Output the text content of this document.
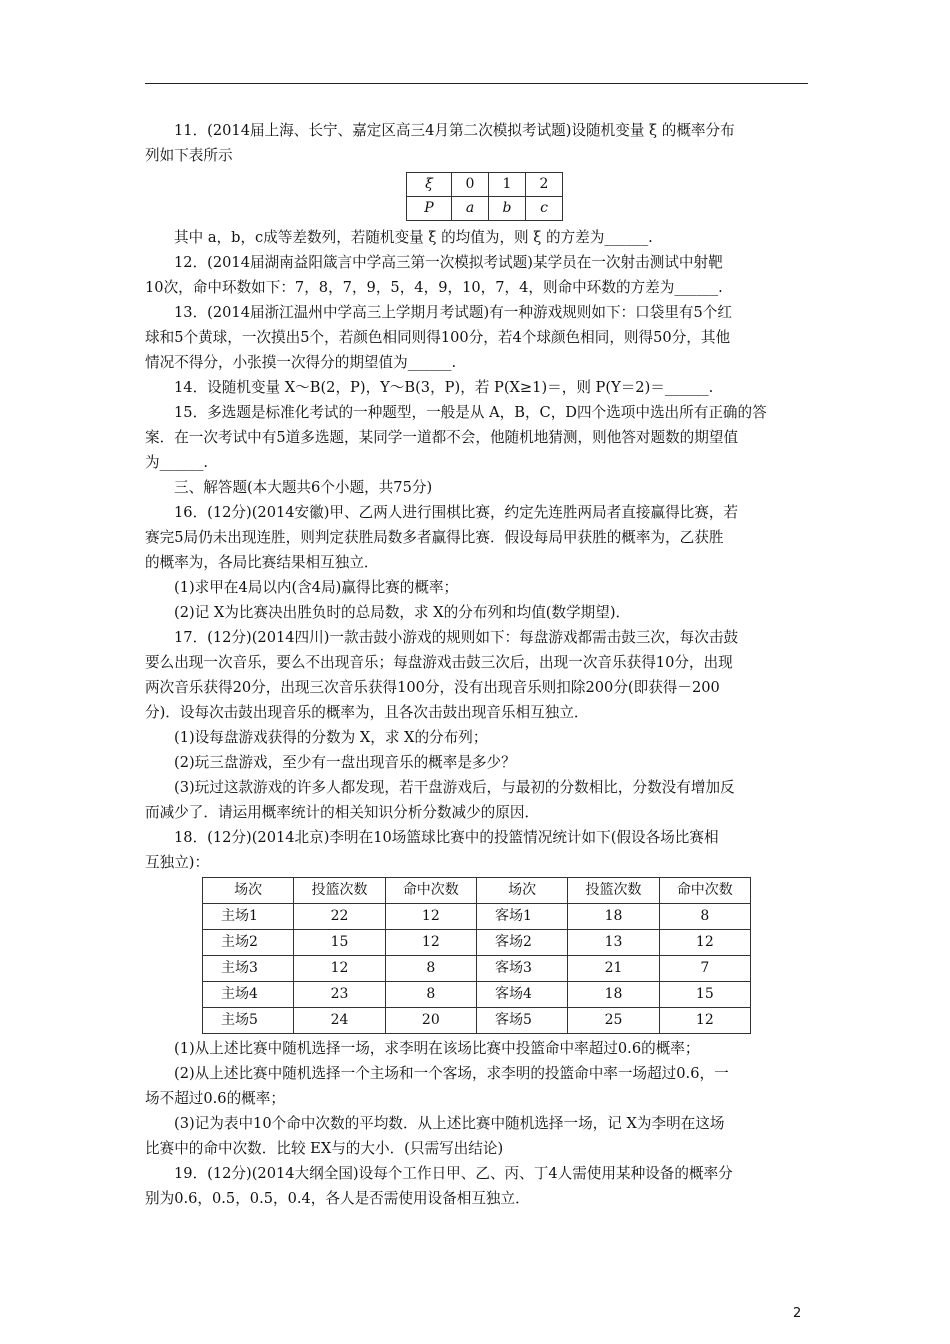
11．(2014届上海、长宁、嘉定区高三4月第二次模拟考试题)设随机变量 ξ 的概率分布

列如下表所示

ξ	0	1	2
P	a	b	c

其中 a，b，c成等差数列，若随机变量 ξ 的均值为，则 ξ 的方差为______.

12．(2014届湖南益阳箴言中学高三第一次模拟考试题)某学员在一次射击测试中射靶

10次，命中环数如下：7，8，7，9，5，4，9，10，7，4，则命中环数的方差为______.

13．(2014届浙江温州中学高三上学期月考试题)有一种游戏规则如下：口袋里有5个红

球和5个黄球，一次摸出5个，若颜色相同则得100分，若4个球颜色相同，则得50分，其他

情况不得分，小张摸一次得分的期望值为______.

14．设随机变量 X～B(2，P)，Y～B(3，P)，若 P(X≥1)＝，则 P(Y＝2)＝______.

15．多选题是标准化考试的一种题型，一般是从 A，B，C，D四个选项中选出所有正确的答

案．在一次考试中有5道多选题，某同学一道都不会，他随机地猜测，则他答对题数的期望值

为______.

三、解答题(本大题共6个小题，共75分)

16．(12分)(2014安徽)甲、乙两人进行围棋比赛，约定先连胜两局者直接赢得比赛，若

赛完5局仍未出现连胜，则判定获胜局数多者赢得比赛．假设每局甲获胜的概率为，乙获胜

的概率为，各局比赛结果相互独立．

(1)求甲在4局以内(含4局)赢得比赛的概率；

(2)记 X为比赛决出胜负时的总局数，求 X的分布列和均值(数学期望)．

17．(12分)(2014四川)一款击鼓小游戏的规则如下：每盘游戏都需击鼓三次，每次击鼓

要么出现一次音乐，要么不出现音乐；每盘游戏击鼓三次后，出现一次音乐获得10分，出现

两次音乐获得20分，出现三次音乐获得100分，没有出现音乐则扣除200分(即获得－200

分)．设每次击鼓出现音乐的概率为，且各次击鼓出现音乐相互独立．

(1)设每盘游戏获得的分数为 X，求 X的分布列；

(2)玩三盘游戏，至少有一盘出现音乐的概率是多少？

(3)玩过这款游戏的许多人都发现，若干盘游戏后，与最初的分数相比，分数没有增加反

而减少了．请运用概率统计的相关知识分析分数减少的原因．

18．(12分)(2014北京)李明在10场篮球比赛中的投篮情况统计如下(假设各场比赛相

互独立)：

场次	投篮次数	命中次数	场次	投篮次数	命中次数
主场1	22	12	客场1	18	8
主场2	15	12	客场2	13	12
主场3	12	8	客场3	21	7
主场4	23	8	客场4	18	15
主场5	24	20	客场5	25	12

(1)从上述比赛中随机选择一场，求李明在该场比赛中投篮命中率超过0.6的概率；

(2)从上述比赛中随机选择一个主场和一个客场，求李明的投篮命中率一场超过0.6，一

场不超过0.6的概率；

(3)记为表中10个命中次数的平均数．从上述比赛中随机选择一场，记 X为李明在这场

比赛中的命中次数．比较 EX与的大小．(只需写出结论)

19．(12分)(2014大纲全国)设每个工作日甲、乙、丙、丁4人需使用某种设备的概率分

别为0.6，0.5，0.5，0.4，各人是否需使用设备相互独立．

2
